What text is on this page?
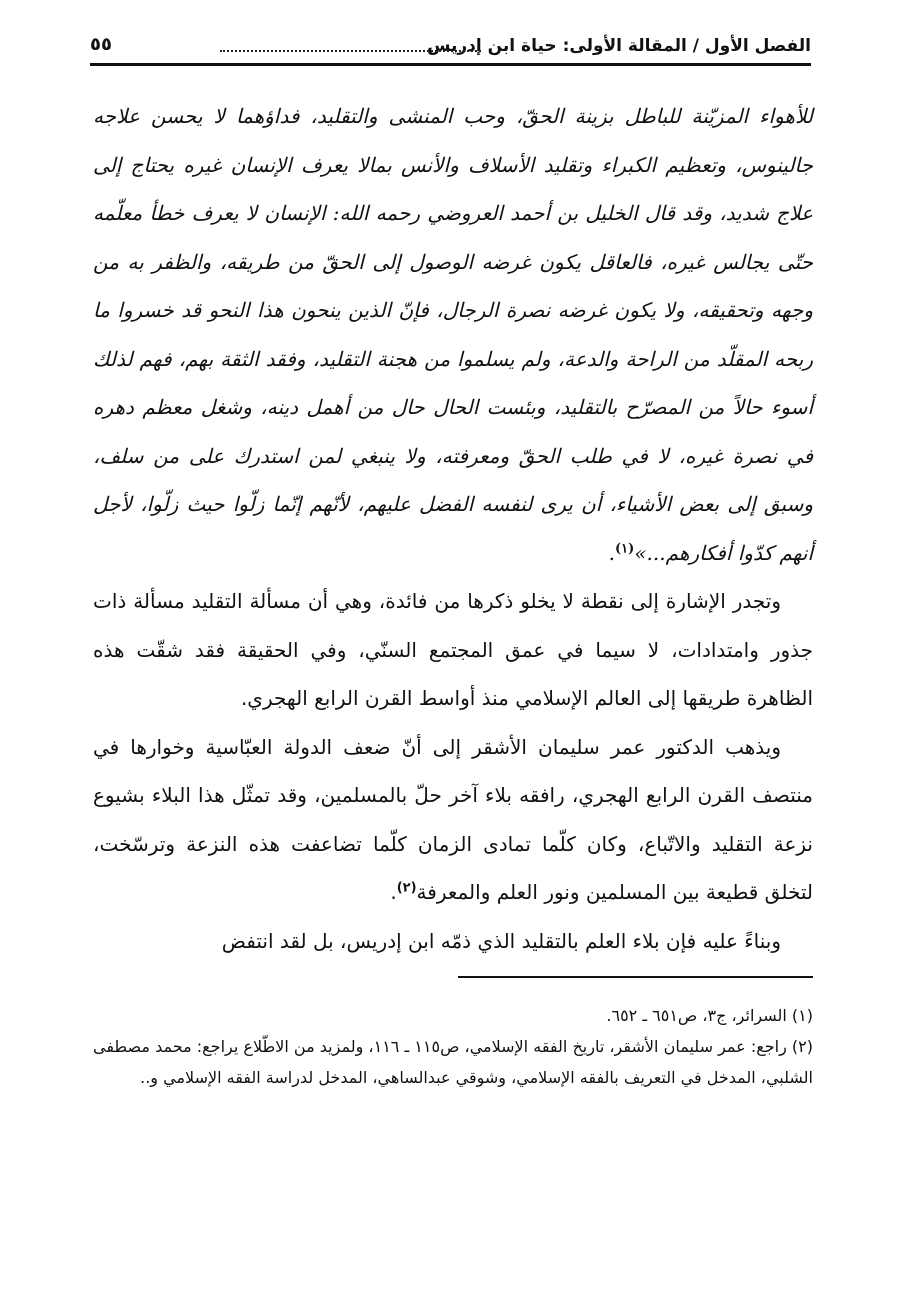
الفصل الأول / المقالة الأولى: حياة ابن إدريس
٥٥

للأهواء المزيّنة للباطل بزينة الحقّ، وحب المنشى والتقليد، فداؤهما لا يحسن علاجه جالينوس، وتعظيم الكبراء وتقليد الأسلاف والأنس بمالا يعرف الإنسان غيره يحتاج إلى علاج شديد، وقد قال الخليل بن أحمد العروضي رحمه الله: الإنسان لا يعرف خطأ معلّمه حتّى يجالس غيره، فالعاقل يكون غرضه الوصول إلى الحقّ من طريقه، والظفر به من وجهه وتحقيقه، ولا يكون غرضه نصرة الرجال، فإنّ الذين ينحون هذا النحو قد خسروا ما ربحه المقلّد من الراحة والدعة، ولم يسلموا من هجنة التقليد، وفقد الثقة بهم، فهم لذلك أسوء حالاً من المصرّح بالتقليد، وبئست الحال حال من أهمل دينه، وشغل معظم دهره في نصرة غيره، لا في طلب الحقّ ومعرفته، ولا ينبغي لمن استدرك على من سلف، وسبق إلى بعض الأشياء، أن يرى لنفسه الفضل عليهم، لأنّهم إنّما زلّوا حيث زلّوا، لأجل أنهم كدّوا أفكارهم...»$^{(١)}$.

وتجدر الإشارة إلى نقطة لا يخلو ذكرها من فائدة، وهي أن مسألة التقليد مسألة ذات جذور وامتدادات، لا سيما في عمق المجتمع السنّي، وفي الحقيقة فقد شقّت هذه الظاهرة طريقها إلى العالم الإسلامي منذ أواسط القرن الرابع الهجري.

ويذهب الدكتور عمر سليمان الأشقر إلى أنّ ضعف الدولة العبّاسية وخوارها في منتصف القرن الرابع الهجري، رافقه بلاء آخر حلّ بالمسلمين، وقد تمثّل هذا البلاء بشيوع نزعة التقليد والاتّباع، وكان كلّما تمادى الزمان كلّما تضاعفت هذه النزعة وترسّخت، لتخلق قطيعة بين المسلمين ونور العلم والمعرفة$^{(٢)}$.

وبناءً عليه فإن بلاء العلم بالتقليد الذي ذمّه ابن إدريس، بل لقد انتفض

(١) السرائر، ج٣، ص٦٥١ ـ ٦٥٢.

(٢) راجع: عمر سليمان الأشقر، تاريخ الفقه الإسلامي، ص١١٥ ـ ١١٦، ولمزيد من الاطّلاع يراجع: محمد مصطفى الشلبي، المدخل في التعريف بالفقه الإسلامي، وشوقي عبدالساهي، المدخل لدراسة الفقه الإسلامي و..
